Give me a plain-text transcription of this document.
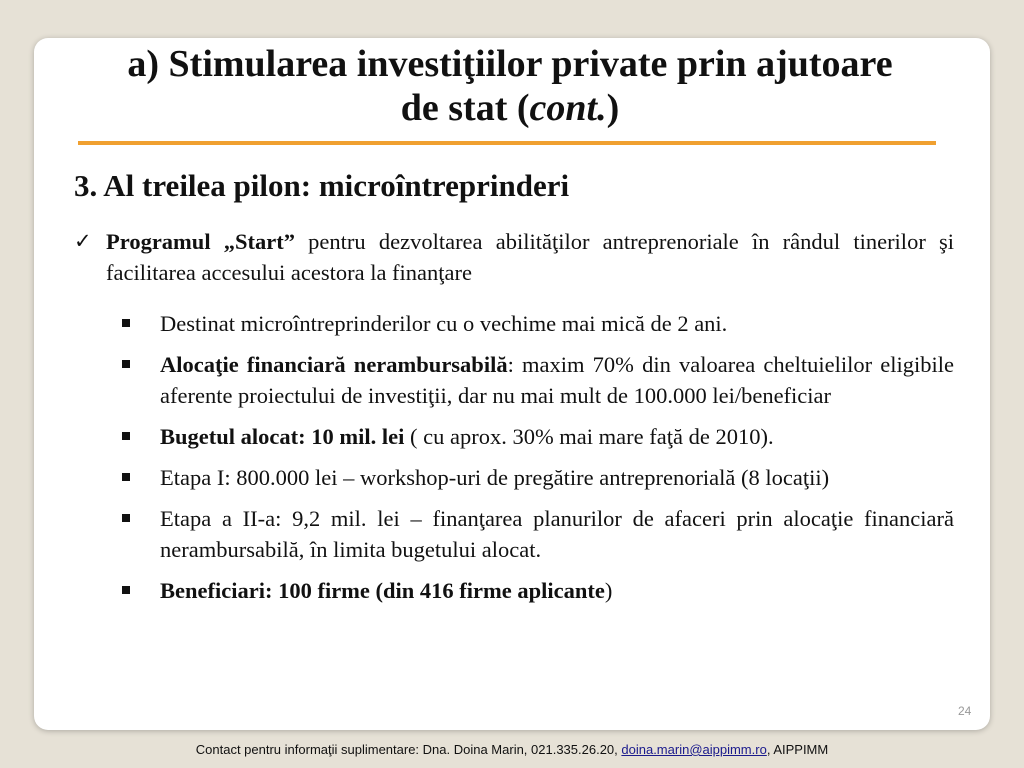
a) Stimularea investiţiilor private prin ajutoare
de stat (cont.)
3. Al treilea pilon: microîntreprinderi
✓ Programul „Start” pentru dezvoltarea abilităţilor antreprenoriale în rândul tinerilor şi facilitarea accesului acestora la finanţare
Destinat microîntreprinderilor cu o vechime mai mică de 2 ani.
Alocaţie financiară nerambursabilă: maxim 70% din valoarea cheltuielilor eligibile aferente proiectului de investiţii, dar nu mai mult de 100.000 lei/beneficiar
Bugetul alocat: 10 mil. lei ( cu aprox. 30% mai mare faţă de 2010).
Etapa I: 800.000 lei – workshop-uri de pregătire antreprenorială (8 locaţii)
Etapa a II-a: 9,2 mil. lei – finanţarea planurilor de afaceri prin alocaţie financiară nerambursabilă, în limita bugetului alocat.
Beneficiari: 100 firme (din 416 firme aplicante)
24
Contact pentru informaţii suplimentare: Dna. Doina Marin, 021.335.26.20, doina.marin@aippimm.ro, AIPPIMM
